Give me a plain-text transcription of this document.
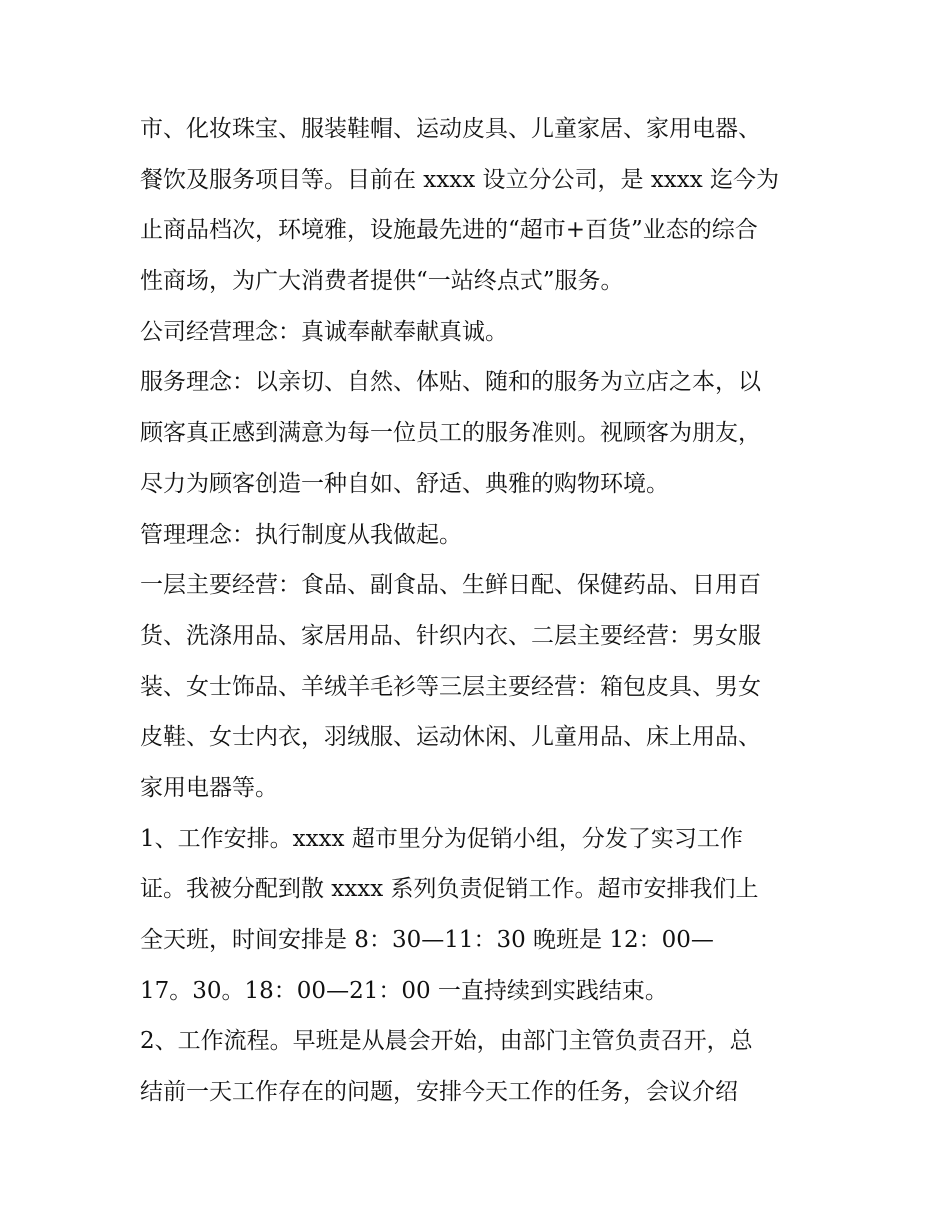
市、化妆珠宝、服装鞋帽、运动皮具、儿童家居、家用电器、
餐饮及服务项目等。目前在 xxxx 设立分公司，是 xxxx 迄今为
止商品档次，环境雅，设施最先进的“超市+百货”业态的综合
性商场，为广大消费者提供“一站终点式”服务。
公司经营理念：真诚奉献奉献真诚。
服务理念：以亲切、自然、体贴、随和的服务为立店之本，以
顾客真正感到满意为每一位员工的服务准则。视顾客为朋友，
尽力为顾客创造一种自如、舒适、典雅的购物环境。
管理理念：执行制度从我做起。
一层主要经营：食品、副食品、生鲜日配、保健药品、日用百
货、洗涤用品、家居用品、针织内衣、二层主要经营：男女服
装、女士饰品、羊绒羊毛衫等三层主要经营：箱包皮具、男女
皮鞋、女士内衣，羽绒服、运动休闲、儿童用品、床上用品、
家用电器等。
1、工作安排。xxxx 超市里分为促销小组，分发了实习工作
证。我被分配到散 xxxx 系列负责促销工作。超市安排我们上
全天班，时间安排是 8：30—11：30 晚班是 12：00—
17。30。18：00—21：00 一直持续到实践结束。
2、工作流程。早班是从晨会开始，由部门主管负责召开，总
结前一天工作存在的问题，安排今天工作的任务，会议介绍
